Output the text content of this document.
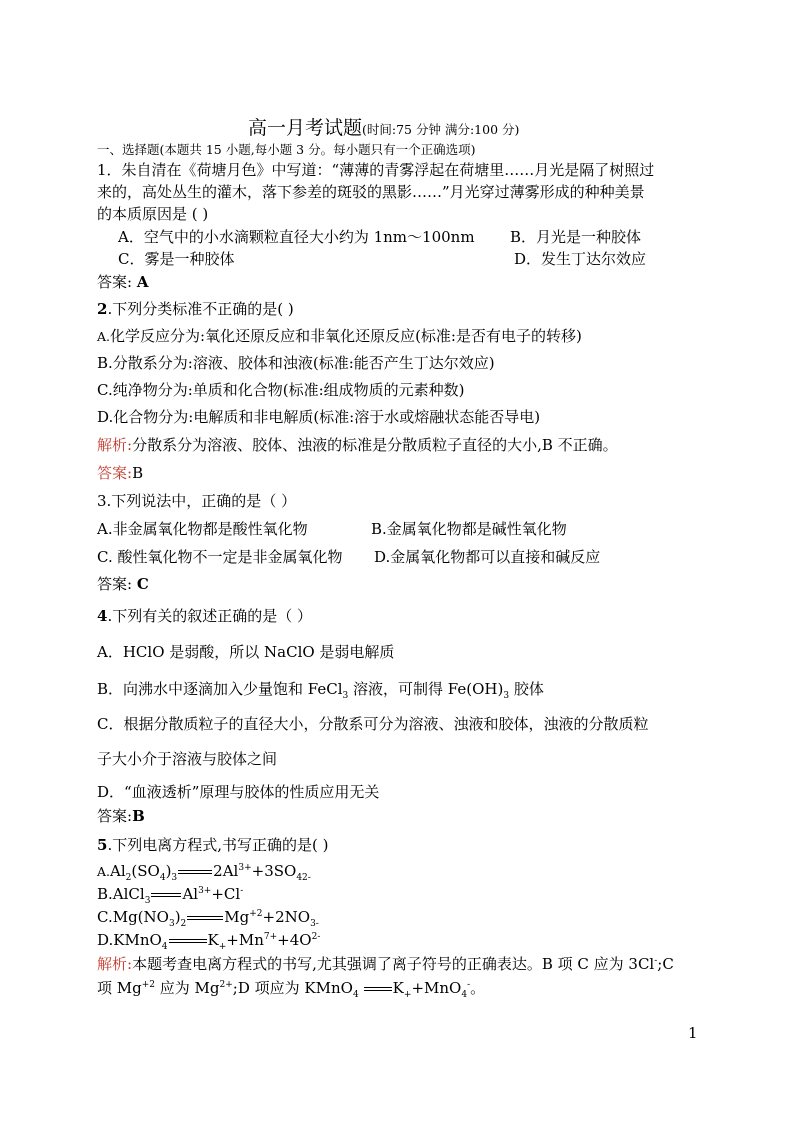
高一月考试题(时间:75 分钟 满分:100 分)
一、选择题(本题共 15 小题,每小题 3 分。每小题只有一个正确选项)
1．朱自清在《荷塘月色》中写道：“薄薄的青雾浮起在荷塘里……月光是隔了树照过
来的，高处丛生的灌木，落下参差的斑驳的黑影……”月光穿过薄雾形成的种种美景
的本质原因是 ( )
A．空气中的小水滴颗粒直径大小约为 1nm～100nm B．月光是一种胶体
C．雾是一种胶体	D．发生丁达尔效应
答案: A
2.下列分类标准不正确的是( )
A.化学反应分为:氧化还原反应和非氧化还原反应(标准:是否有电子的转移)
B.分散系分为:溶液、胶体和浊液(标准:能否产生丁达尔效应)
C.纯净物分为:单质和化合物(标准:组成物质的元素种数)
D.化合物分为:电解质和非电解质(标准:溶于水或熔融状态能否导电)
解析:分散系分为溶液、胶体、浊液的标准是分散质粒子直径的大小,B 不正确。
答案:B
3.下列说法中，正确的是（ ）
A.非金属氧化物都是酸性氧化物	B.金属氧化物都是碱性氧化物
C. 酸性氧化物不一定是非金属氧化物 D.金属氧化物都可以直接和碱反应
答案: C
4.下列有关的叙述正确的是（ ）
A．HClO 是弱酸，所以 NaClO 是弱电解质
B．向沸水中逐滴加入少量饱和 FeCl$_3$ 溶液，可制得 $Fe(OH)_3$ 胶体
C．根据分散质粒子的直径大小，分散系可分为溶液、浊液和胶体，浊液的分散质粒
子大小介于溶液与胶体之间
D．“血液透析”原理与胶体的性质应用无关
答案:B
5.下列电离方程式,书写正确的是( )
$A.Al_2(SO_4)_3$ $2Al^{3+}+3SO_{42-}$
B.AlCl$_3$ $Al^{3+}+Cl^-$
$C.Mg(NO_3)_2$	$Mg^{+2}+2NO_{3-}$
D.KMnO$_4$	$K_++Mn^{7+}+4O^{2-}$
解析:本题考查电离方程式的书写,尤其强调了离子符号的正确表达。B 项 C 应为 3Cl-;C
项 $Mg^{+2}$ 应为 $Mg^{2+};D$ 项应为 KMnO$_4$ $K_++MnO_4^-$。
1
